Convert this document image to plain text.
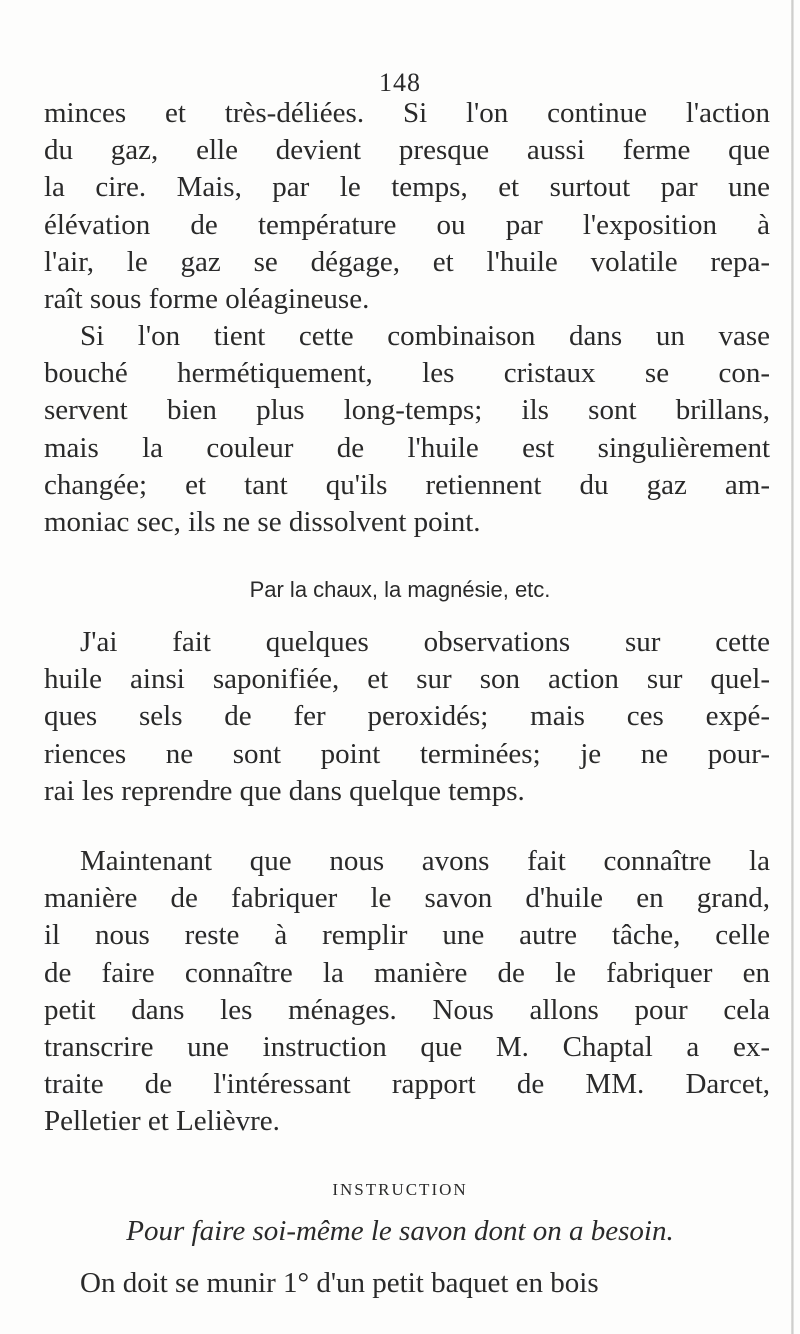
148
minces et très-déliées. Si l'on continue l'action
du gaz, elle devient presque aussi ferme que
la cire. Mais, par le temps, et surtout par une
élévation de température ou par l'exposition à
l'air, le gaz se dégage, et l'huile volatile repa-
raît sous forme oléagineuse.
Si l'on tient cette combinaison dans un vase
bouché hermétiquement, les cristaux se con-
servent bien plus long-temps; ils sont brillans,
mais la couleur de l'huile est singulièrement
changée; et tant qu'ils retiennent du gaz am-
moniac sec, ils ne se dissolvent point.
Par la chaux, la magnésie, etc.
J'ai fait quelques observations sur cette
huile ainsi saponifiée, et sur son action sur quel-
ques sels de fer peroxidés; mais ces expé-
riences ne sont point terminées; je ne pour-
rai les reprendre que dans quelque temps.
Maintenant que nous avons fait connaître la
manière de fabriquer le savon d'huile en grand,
il nous reste à remplir une autre tâche, celle
de faire connaître la manière de le fabriquer en
petit dans les ménages. Nous allons pour cela
transcrire une instruction que M. Chaptal a ex-
traite de l'intéressant rapport de MM. Darcet,
Pelletier et Lelièvre.
INSTRUCTION
Pour faire soi-même le savon dont on a besoin.
On doit se munir 1° d'un petit baquet en bois
